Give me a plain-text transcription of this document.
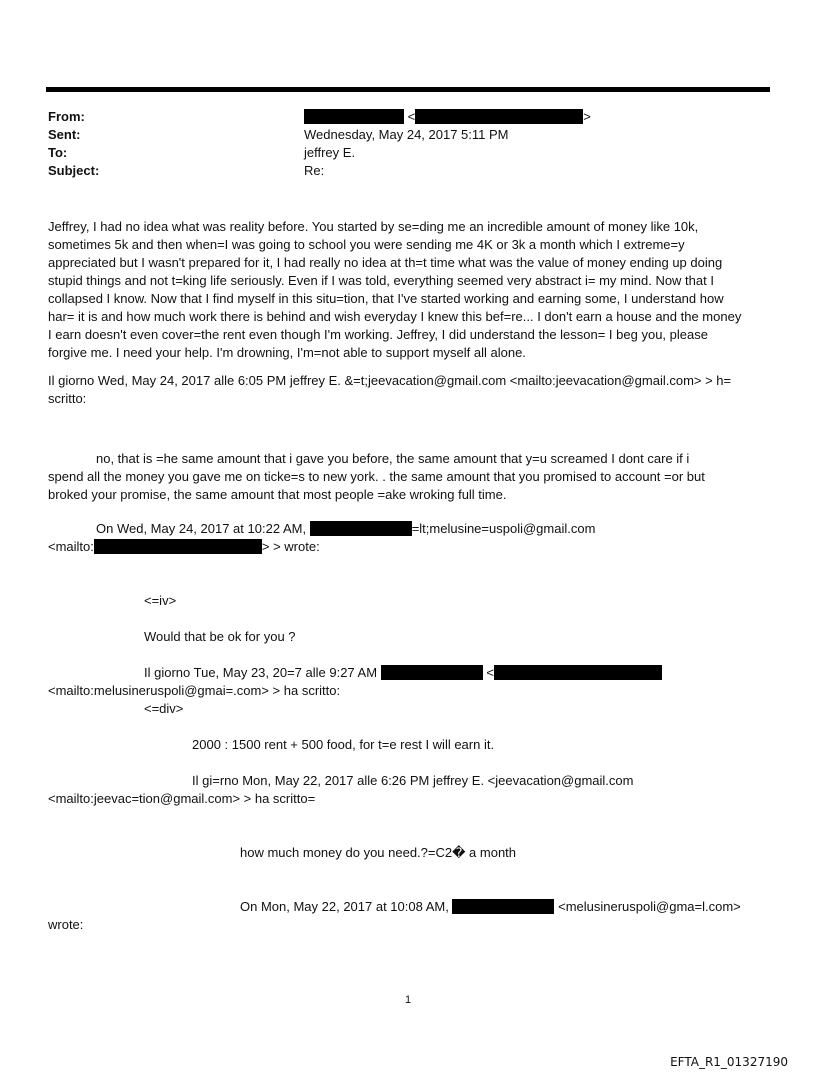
From:	<	>
Sent:	Wednesday, May 24, 2017 5:11 PM
To:	jeffrey E.
Subject:	Re:
Jeffrey, I had no idea what was reality before. You started by se=ding me an incredible amount of money like 10k,
sometimes 5k and then when=I was going to school you were sending me 4K or 3k a month which I extreme=y
appreciated but I wasn't prepared for it, I had really no idea at th=t time what was the value of money ending up doing
stupid things and not t=king life seriously. Even if I was told, everything seemed very abstract i= my mind. Now that I
collapsed I know. Now that I find myself in this situ=tion, that I've started working and earning some, I understand how
har= it is and how much work there is behind and wish everyday I knew this bef=re... I don't earn a house and the money
I earn doesn't even cover=the rent even though I'm working. Jeffrey, I did understand the lesson= I beg you, please
forgive me. I need your help. I'm drowning, I'm=not able to support myself all alone.
Il giorno Wed, May 24, 2017 alle 6:05 PM jeffrey E. &=t;jeevacation@gmail.com <mailto:jeevacation@gmail.com> > h=
scritto:
no, that is =he same amount that i gave you before, the same amount that y=u screamed I dont care if i
spend all the money you gave me on ticke=s to new york. . the same amount that you promised to account =or but
broked your promise, the same amount that most people =ake wroking full time.
On Wed, May 24, 2017 at 10:22 AM,	=lt;melusine=uspoli@gmail.com
<mailto:	> > wrote:
<=iv>
Would that be ok for you ?
Il giorno Tue, May 23, 20=7 alle 9:27 AM	<
<mailto:melusineruspoli@gmai=.com> > ha scritto:
<=div>
2000 : 1500 rent + 500 food, for t=e rest I will earn it.
Il gi=rno Mon, May 22, 2017 alle 6:26 PM jeffrey E. <jeevacation@gmail.com
<mailto:jeevac=tion@gmail.com> > ha scritto=
how much money do you need.?=C2� a month
On Mon, May 22, 2017 at 10:08 AM,	<melusineruspoli@gma=l.com>
wrote:
1
EFTA_R1_01327190
